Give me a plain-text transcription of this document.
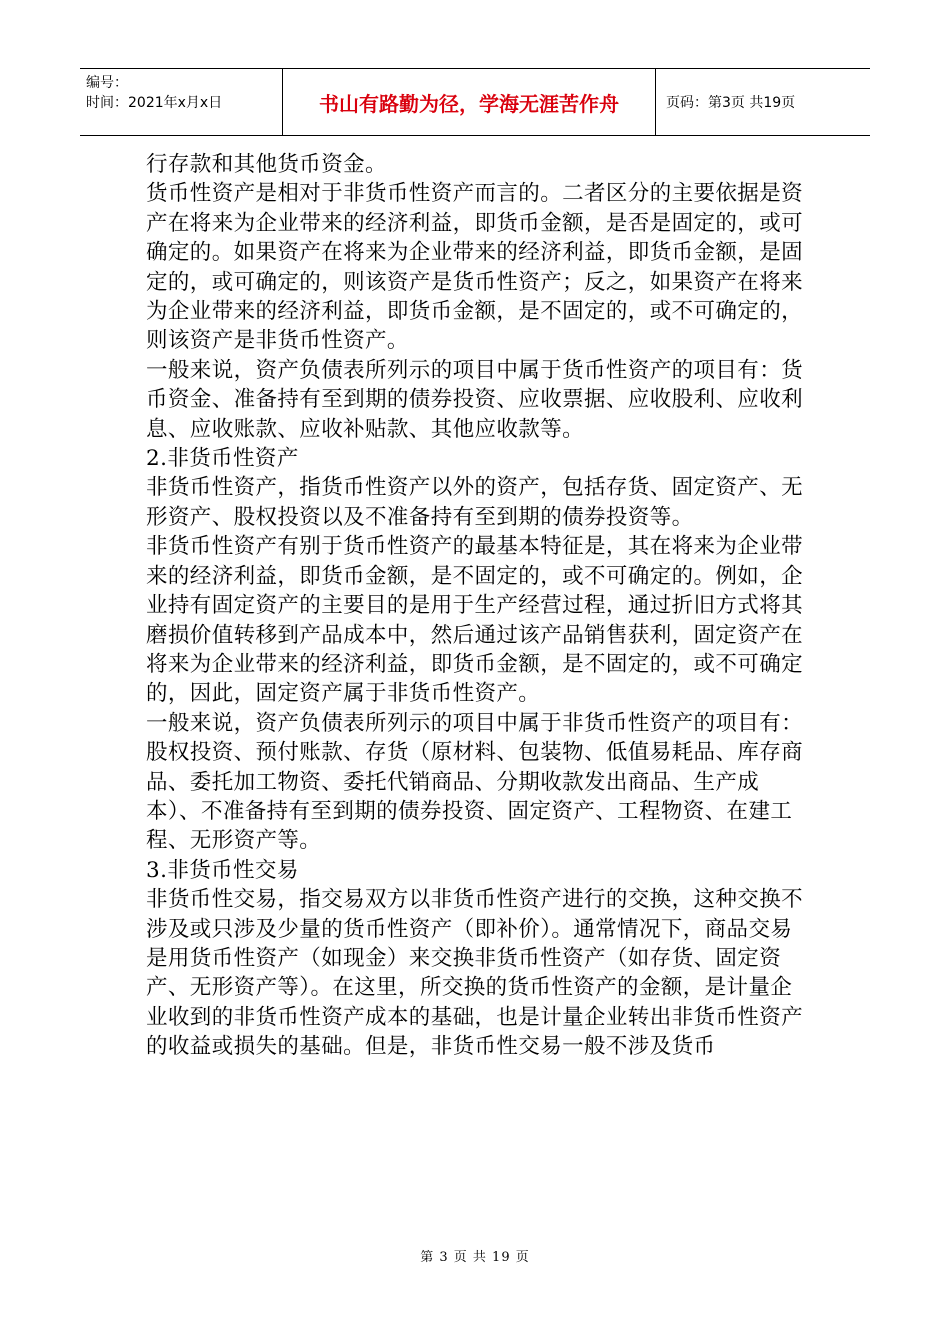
编号：
时间：2021年x月x日	书山有路勤为径，学海无涯苦作舟	页码：第3页 共19页

行存款和其他货币资金。

货币性资产是相对于非货币性资产而言的。二者区分的主要依据是资产在将来为企业带来的经济利益，即货币金额，是否是固定的，或可确定的。如果资产在将来为企业带来的经济利益，即货币金额，是固定的，或可确定的，则该资产是货币性资产；反之，如果资产在将来为企业带来的经济利益，即货币金额，是不固定的，或不可确定的，则该资产是非货币性资产。

一般来说，资产负债表所列示的项目中属于货币性资产的项目有：货币资金、准备持有至到期的债券投资、应收票据、应收股利、应收利息、应收账款、应收补贴款、其他应收款等。

2.非货币性资产

非货币性资产，指货币性资产以外的资产，包括存货、固定资产、无形资产、股权投资以及不准备持有至到期的债券投资等。

非货币性资产有别于货币性资产的最基本特征是，其在将来为企业带来的经济利益，即货币金额，是不固定的，或不可确定的。例如，企业持有固定资产的主要目的是用于生产经营过程，通过折旧方式将其磨损价值转移到产品成本中，然后通过该产品销售获利，固定资产在将来为企业带来的经济利益，即货币金额，是不固定的，或不可确定的，因此，固定资产属于非货币性资产。

一般来说，资产负债表所列示的项目中属于非货币性资产的项目有：股权投资、预付账款、存货（原材料、包装物、低值易耗品、库存商品、委托加工物资、委托代销商品、分期收款发出商品、生产成本）、不准备持有至到期的债券投资、固定资产、工程物资、在建工程、无形资产等。

3.非货币性交易

非货币性交易，指交易双方以非货币性资产进行的交换，这种交换不涉及或只涉及少量的货币性资产（即补价）。通常情况下，商品交易是用货币性资产（如现金）来交换非货币性资产（如存货、固定资产、无形资产等）。在这里，所交换的货币性资产的金额，是计量企业收到的非货币性资产成本的基础，也是计量企业转出非货币性资产的收益或损失的基础。但是，非货币性交易一般不涉及货币

第 3 页 共 19 页
